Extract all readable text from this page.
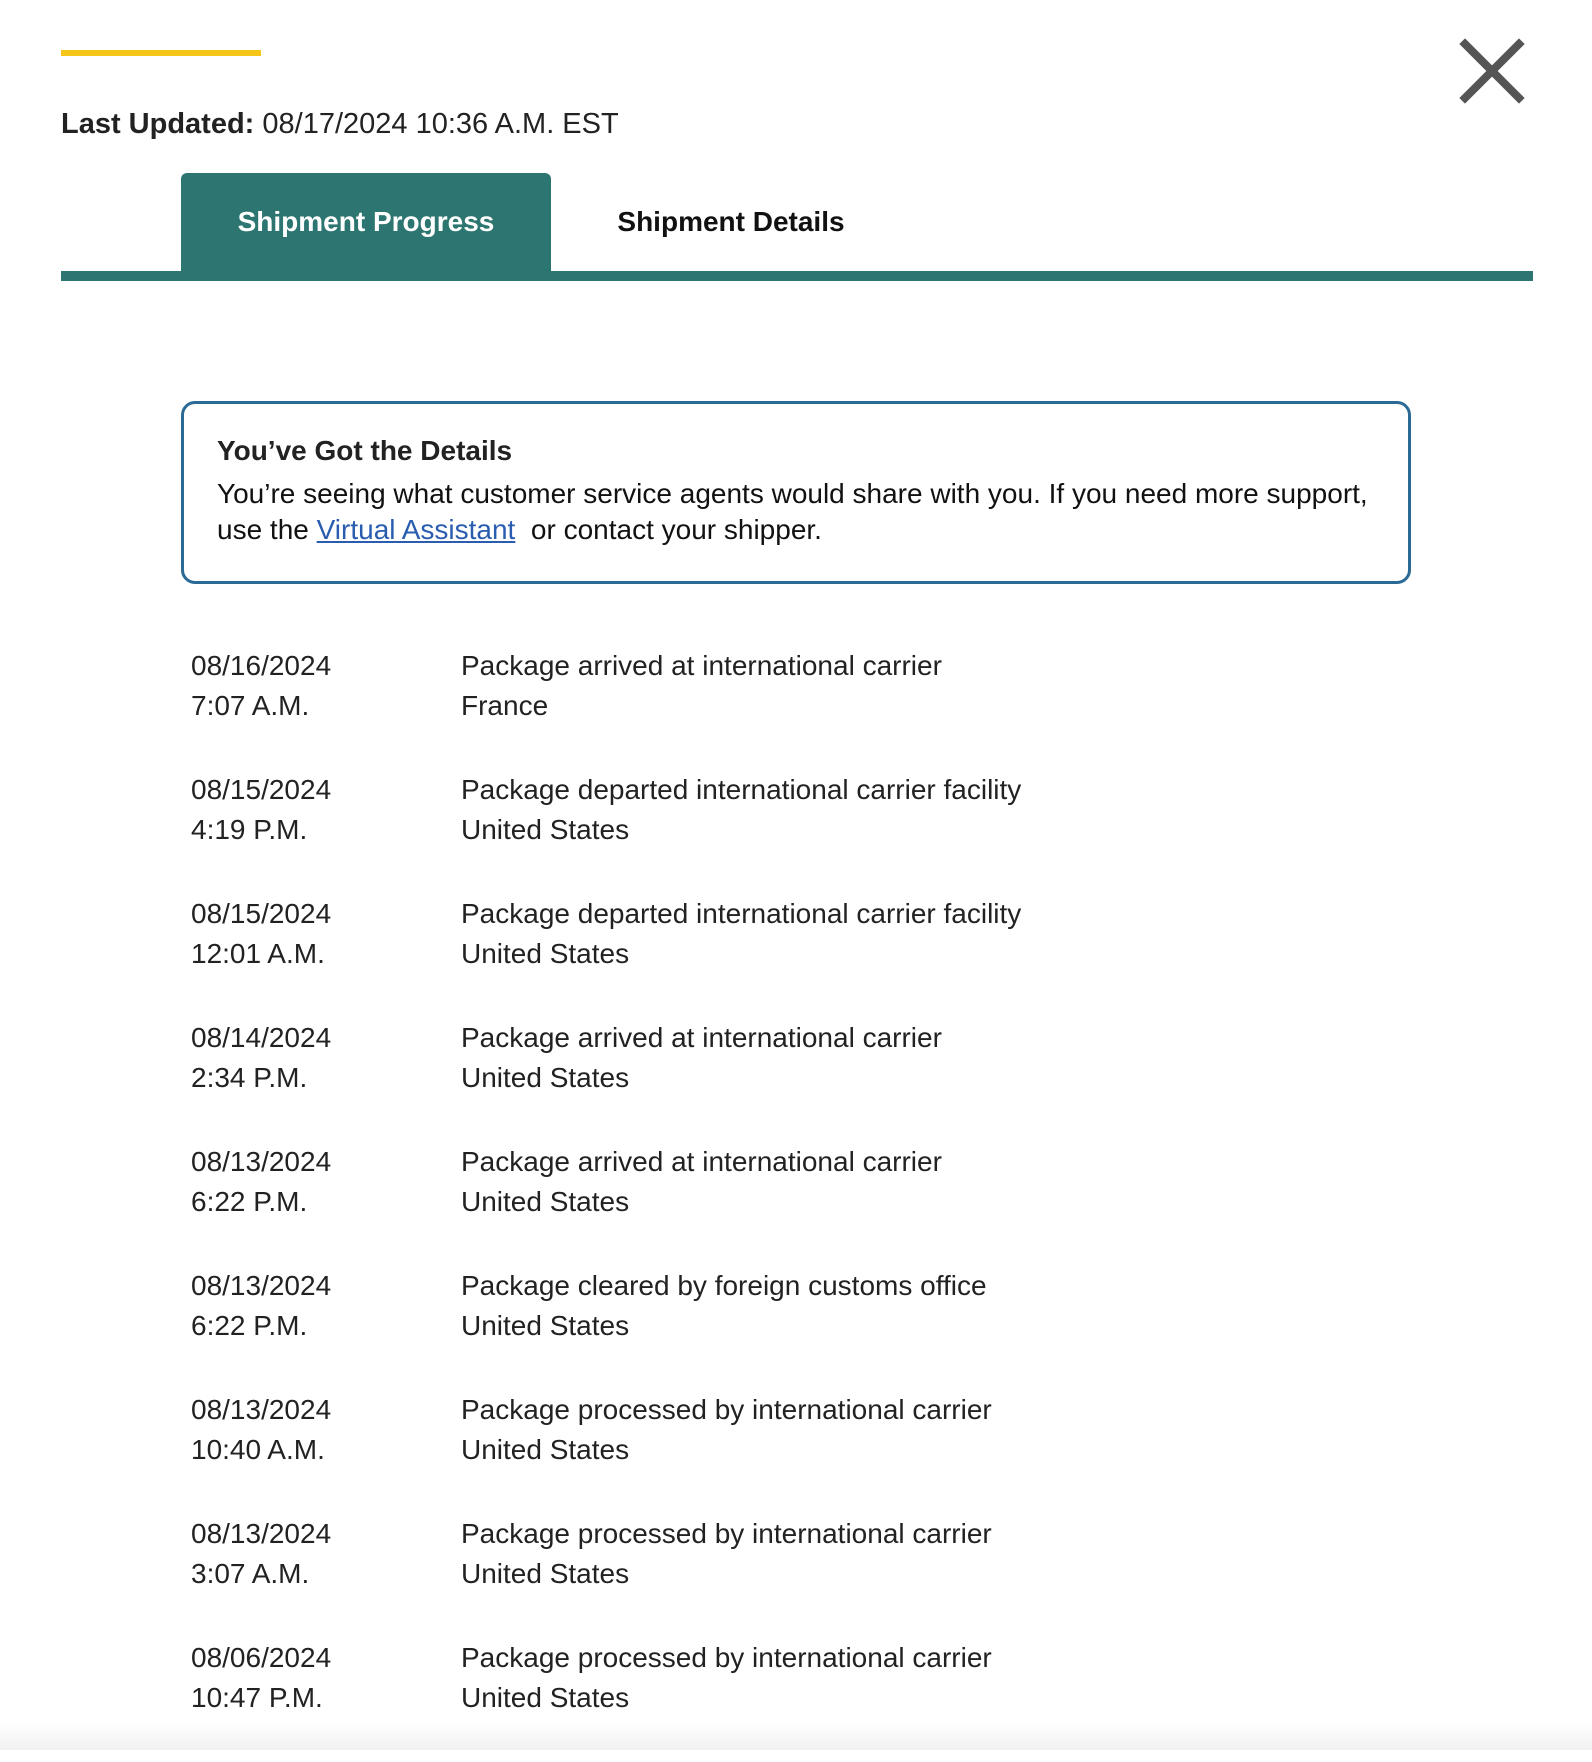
Last Updated: 08/17/2024 10:36 A.M. EST
Shipment Progress	Shipment Details
You’ve Got the Details
You’re seeing what customer service agents would share with you. If you need more support, use the Virtual Assistant  or contact your shipper.
08/16/2024
7:07 A.M.
Package arrived at international carrier
France
08/15/2024
4:19 P.M.
Package departed international carrier facility
United States
08/15/2024
12:01 A.M.
Package departed international carrier facility
United States
08/14/2024
2:34 P.M.
Package arrived at international carrier
United States
08/13/2024
6:22 P.M.
Package arrived at international carrier
United States
08/13/2024
6:22 P.M.
Package cleared by foreign customs office
United States
08/13/2024
10:40 A.M.
Package processed by international carrier
United States
08/13/2024
3:07 A.M.
Package processed by international carrier
United States
08/06/2024
10:47 P.M.
Package processed by international carrier
United States
